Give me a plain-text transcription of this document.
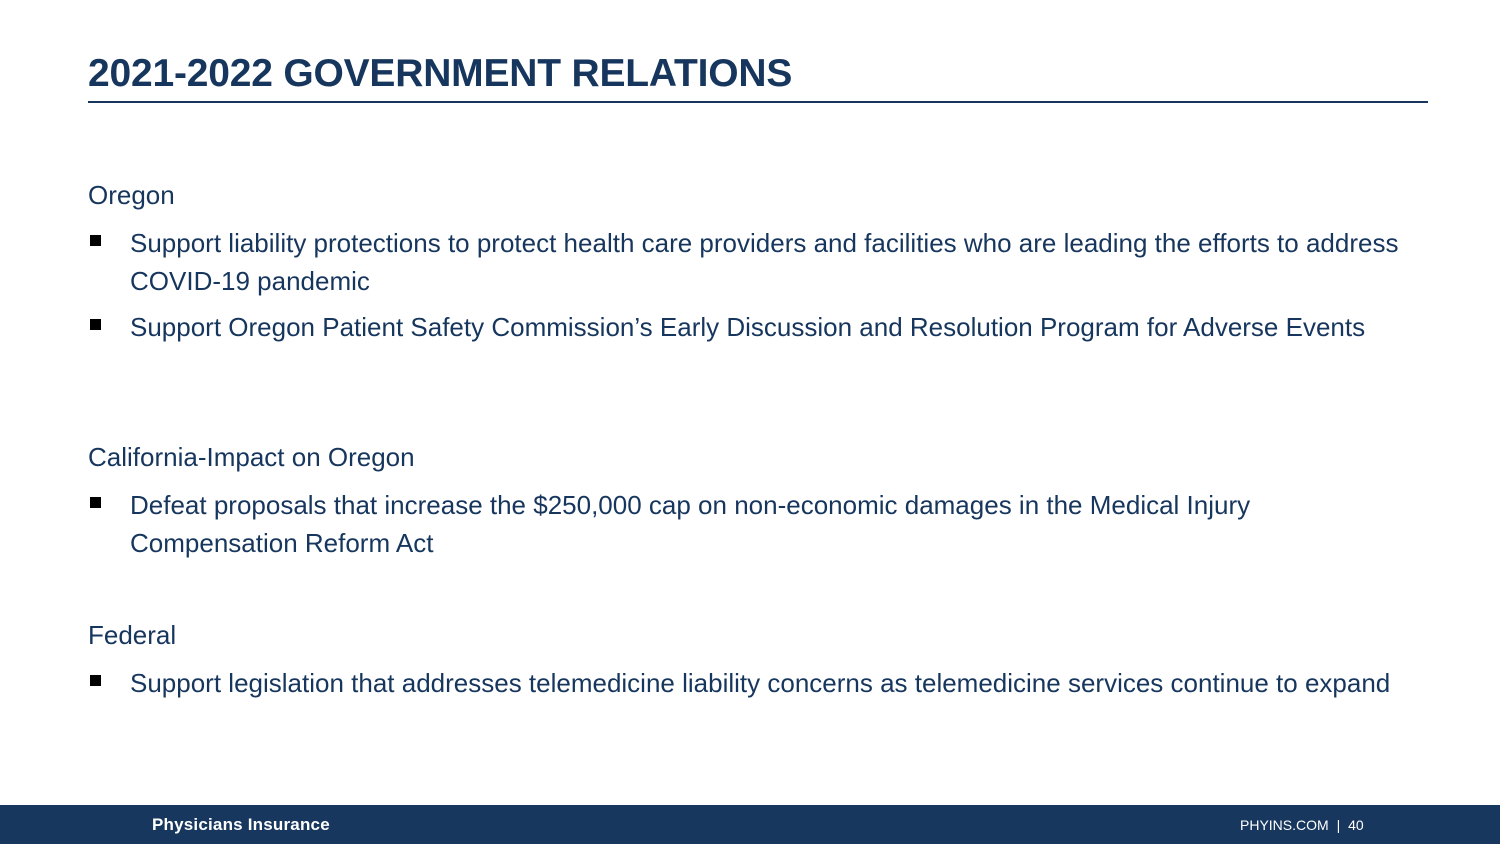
2021-2022 GOVERNMENT RELATIONS
Oregon
Support liability protections to protect health care providers and facilities who are leading the efforts to address COVID-19 pandemic
Support Oregon Patient Safety Commission’s Early Discussion and Resolution Program for Adverse Events
California-Impact on Oregon
Defeat proposals that increase the $250,000 cap on non-economic damages in the Medical Injury Compensation Reform Act
Federal
Support legislation that addresses telemedicine liability concerns as telemedicine services continue to expand
Physicians Insurance	PHYINS.COM | 40
